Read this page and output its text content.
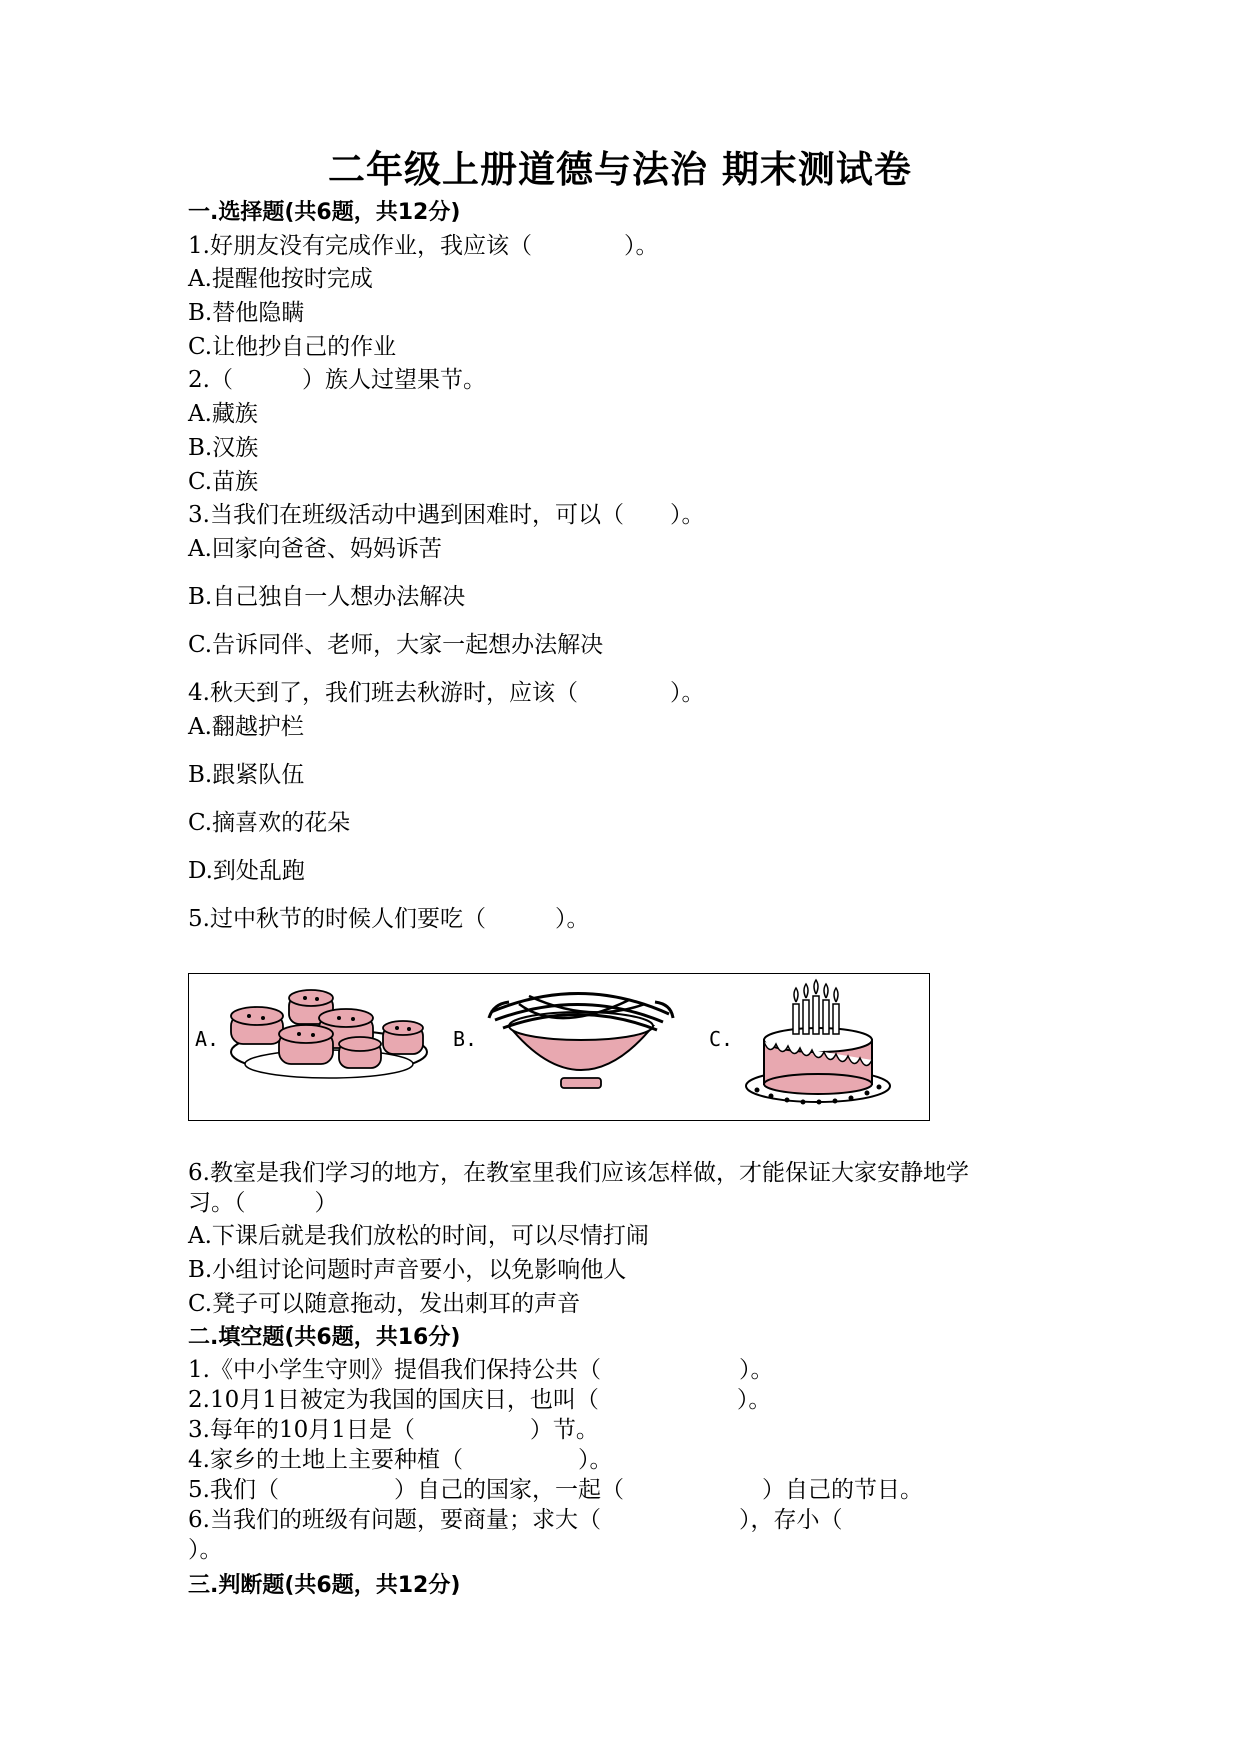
二年级上册道德与法治 期末测试卷
一.选择题(共6题，共12分)
1.好朋友没有完成作业，我应该（　　　　）。
A.提醒他按时完成
B.替他隐瞒
C.让他抄自己的作业
2.（　　　）族人过望果节。
A.藏族
B.汉族
C.苗族
3.当我们在班级活动中遇到困难时，可以（　　）。
A.回家向爸爸、妈妈诉苦
B.自己独自一人想办法解决
C.告诉同伴、老师，大家一起想办法解决
4.秋天到了，我们班去秋游时，应该（　　　　）。
A.翻越护栏
B.跟紧队伍
C.摘喜欢的花朵
D.到处乱跑
5.过中秋节的时候人们要吃（　　　）。
A.	B.	C.
6.教室是我们学习的地方，在教室里我们应该怎样做，才能保证大家安静地学
习。（　　　）
A.下课后就是我们放松的时间，可以尽情打闹
B.小组讨论问题时声音要小，以免影响他人
C.凳子可以随意拖动，发出刺耳的声音
二.填空题(共6题，共16分)
1.《中小学生守则》提倡我们保持公共（　　　　　　）。
2.10月1日被定为我国的国庆日，也叫（　　　　　　）。
3.每年的10月1日是（　　　　　）节。
4.家乡的土地上主要种植（　　　　　）。
5.我们（　　　　　）自己的国家，一起（　　　　　　）自己的节日。
6.当我们的班级有问题，要商量；求大（　　　　　　），存小（
）。
三.判断题(共6题，共12分)
